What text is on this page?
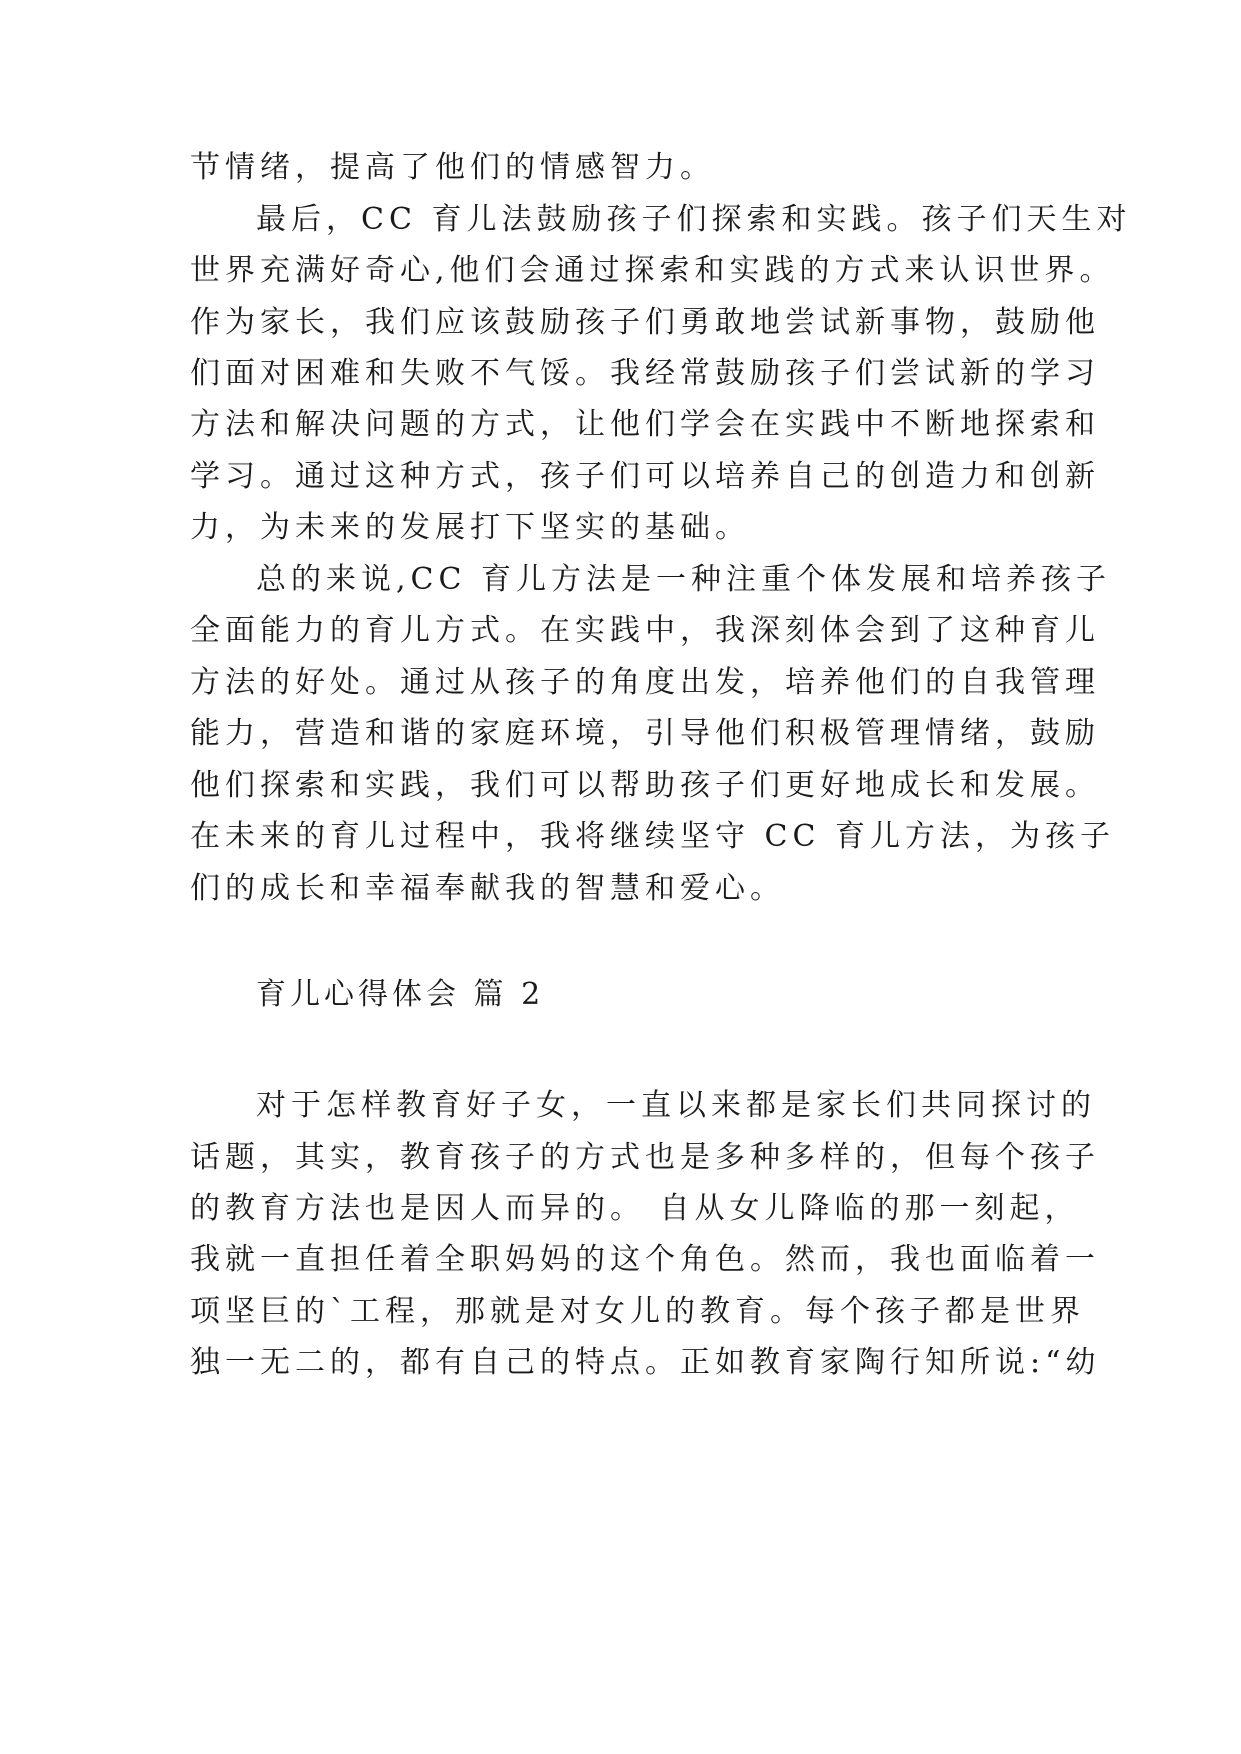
节情绪，提高了他们的情感智力。
最后，CC 育儿法鼓励孩子们探索和实践。孩子们天生对
世界充满好奇心,他们会通过探索和实践的方式来认识世界。
作为家长，我们应该鼓励孩子们勇敢地尝试新事物，鼓励他
们面对困难和失败不气馁。我经常鼓励孩子们尝试新的学习
方法和解决问题的方式，让他们学会在实践中不断地探索和
学习。通过这种方式，孩子们可以培养自己的创造力和创新
力，为未来的发展打下坚实的基础。
总的来说,CC 育儿方法是一种注重个体发展和培养孩子
全面能力的育儿方式。在实践中，我深刻体会到了这种育儿
方法的好处。通过从孩子的角度出发，培养他们的自我管理
能力，营造和谐的家庭环境，引导他们积极管理情绪，鼓励
他们探索和实践，我们可以帮助孩子们更好地成长和发展。
在未来的育儿过程中，我将继续坚守 CC 育儿方法，为孩子
们的成长和幸福奉献我的智慧和爱心。
育儿心得体会 篇 2
对于怎样教育好子女，一直以来都是家长们共同探讨的
话题，其实，教育孩子的方式也是多种多样的，但每个孩子
的教育方法也是因人而异的。 自从女儿降临的那一刻起，
我就一直担任着全职妈妈的这个角色。然而，我也面临着一
项坚巨的`工程，那就是对女儿的教育。每个孩子都是世界
独一无二的，都有自己的特点。正如教育家陶行知所说:“幼
